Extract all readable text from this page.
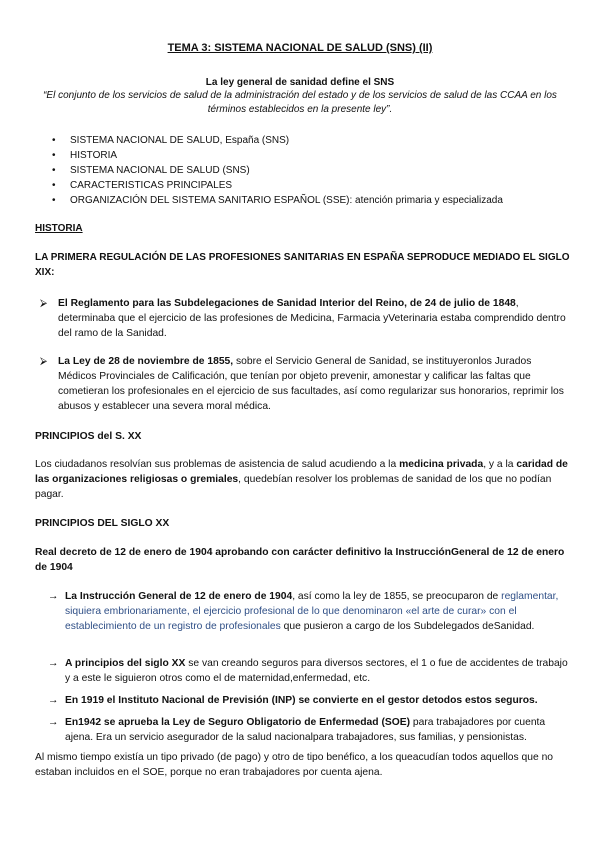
TEMA 3: SISTEMA NACIONAL DE SALUD (SNS) (II)
La ley general de sanidad define el SNS
“El conjunto de los servicios de salud de la administración del estado y de los servicios de salud de las CCAA en los términos establecidos en la presente ley”.
• SISTEMA NACIONAL DE SALUD, España (SNS)
• HISTORIA
• SISTEMA NACIONAL DE SALUD (SNS)
• CARACTERISTICAS PRINCIPALES
• ORGANIZACIÓN DEL SISTEMA SANITARIO ESPAÑOL (SSE): atención primaria y especializada
HISTORIA
LA PRIMERA REGULACIÓN DE LAS PROFESIONES SANITARIAS EN ESPAÑA SEPRODUCE MEDIADO EL SIGLO XIX:
⮚ El Reglamento para las Subdelegaciones de Sanidad Interior del Reino, de 24 de julio de 1848, determinaba que el ejercicio de las profesiones de Medicina, Farmacia yVeterinaria estaba comprendido dentro del ramo de la Sanidad.

⮚ La Ley de 28 de noviembre de 1855, sobre el Servicio General de Sanidad, se instituyeronlos Jurados Médicos Provinciales de Calificación, que tenían por objeto prevenir, amonestar y calificar las faltas que cometieran los profesionales en el ejercicio de sus facultades, así como regularizar sus honorarios, reprimir los abusos y establecer una severa moral médica.

PRINCIPIOS del S. XX

Los ciudadanos resolvían sus problemas de asistencia de salud acudiendo a la medicina privada, y a la caridad de las organizaciones religiosas o gremiales, quedebían resolver los problemas de sanidad de los que no podían pagar.

PRINCIPIOS DEL SIGLO XX
Real decreto de 12 de enero de 1904 aprobando con carácter definitivo la InstrucciónGeneral de 12 de enero de 1904
→ La Instrucción General de 12 de enero de 1904, así como la ley de 1855, se preocuparon de reglamentar, siquiera embrionariamente, el ejercicio profesional de lo que denominaron «el arte de curar» con el establecimiento de un registro de profesionales que pusieron a cargo de los Subdelegados deSanidad.

→ A principios del siglo XX se van creando seguros para diversos sectores, el 1 o fue de accidentes de trabajo y a este le siguieron otros como el de maternidad,enfermedad, etc.

→ En 1919 el Instituto Nacional de Previsión (INP) se convierte en el gestor detodos estos seguros.

→ En1942 se aprueba la Ley de Seguro Obligatorio de Enfermedad (SOE) para trabajadores por cuenta ajena. Era un servicio asegurador de la salud nacionalpara trabajadores, sus familias, y pensionistas.

Al mismo tiempo existía un tipo privado (de pago) y otro de tipo benéfico, a los queacudían todos aquellos que no estaban incluidos en el SOE, porque no eran trabajadores por cuenta ajena.
